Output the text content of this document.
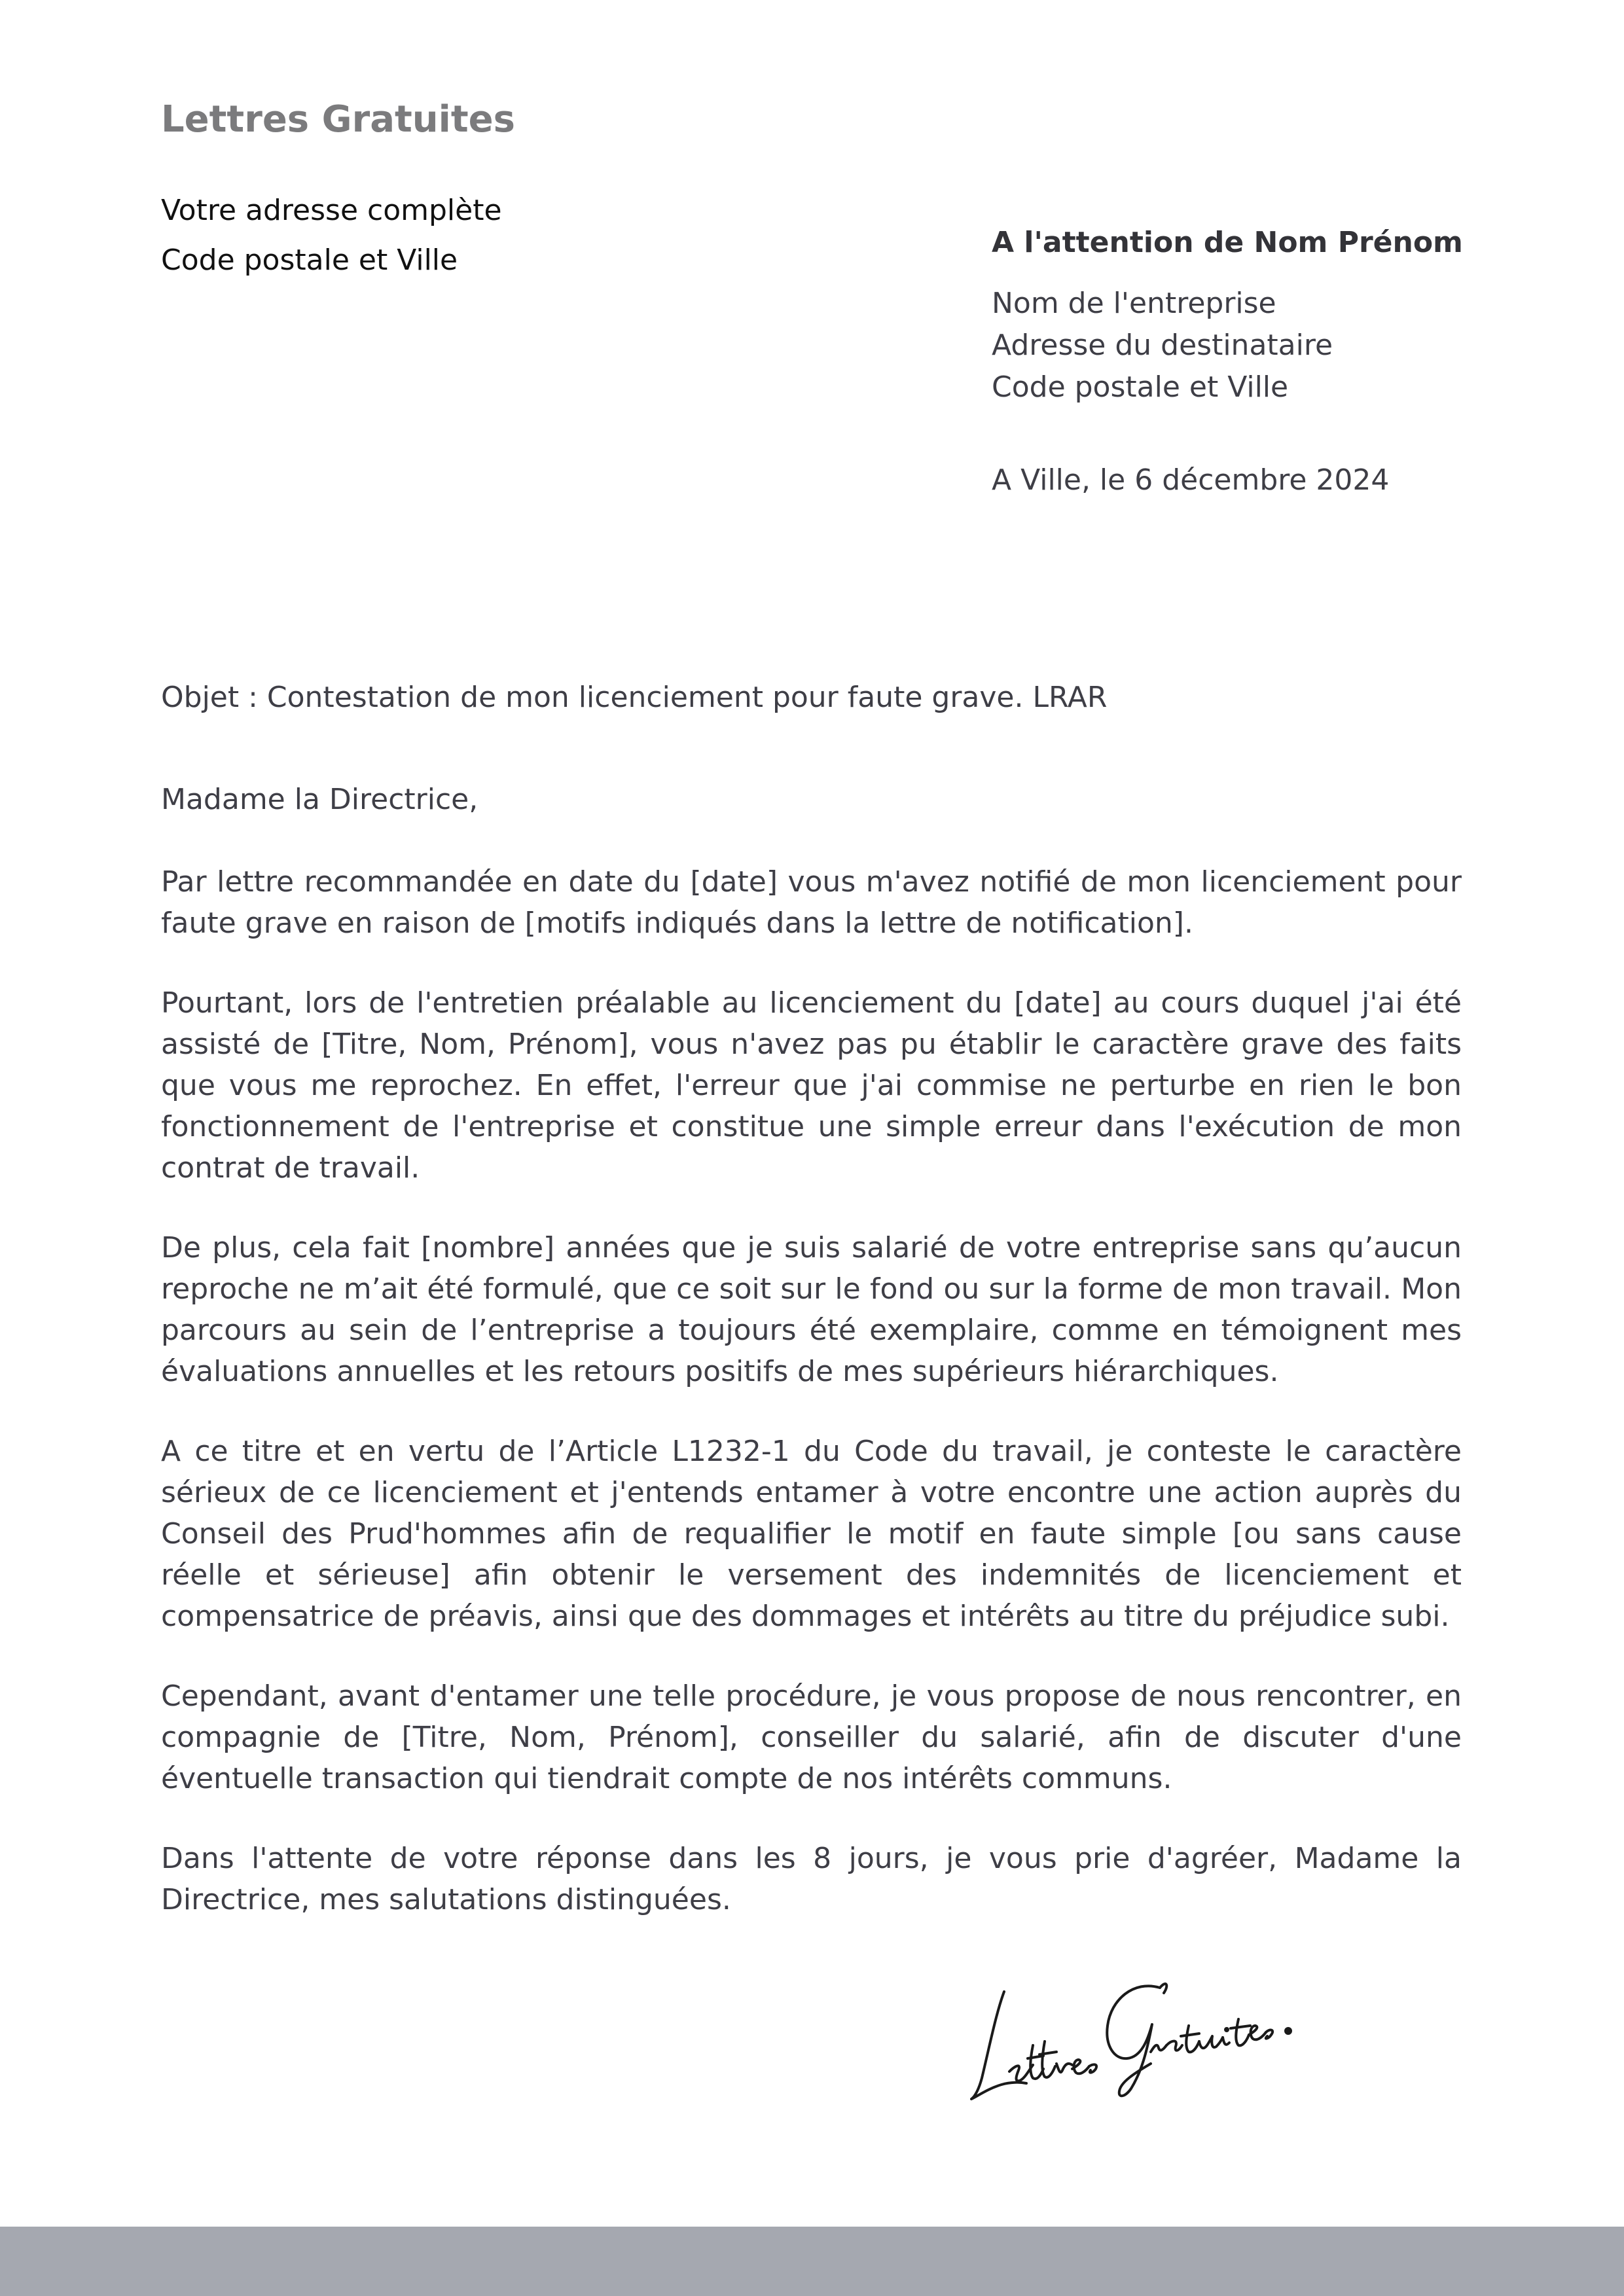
Lettres Gratuites
Votre adresse complète
Code postale et Ville
A l'attention de Nom Prénom
Nom de l'entreprise
Adresse du destinataire
Code postale et Ville
A Ville, le 6 décembre 2024
Objet : Contestation de mon licenciement pour faute grave. LRAR
Madame la Directrice,

Par lettre recommandée en date du [date] vous m'avez notifié de mon licenciement pour faute grave en raison de [motifs indiqués dans la lettre de notification].

Pourtant, lors de l'entretien préalable au licenciement du [date] au cours duquel j'ai été assisté de [Titre, Nom, Prénom], vous n'avez pas pu établir le caractère grave des faits que vous me reprochez. En effet, l'erreur que j'ai commise ne perturbe en rien le bon fonctionnement de l'entreprise et constitue une simple erreur dans l'exécution de mon contrat de travail.

De plus, cela fait [nombre] années que je suis salarié de votre entreprise sans qu’aucun reproche ne m’ait été formulé, que ce soit sur le fond ou sur la forme de mon travail. Mon parcours au sein de l’entreprise a toujours été exemplaire, comme en témoignent mes évaluations annuelles et les retours positifs de mes supérieurs hiérarchiques.

A ce titre et en vertu de l’Article L1232-1 du Code du travail, je conteste le caractère sérieux de ce licenciement et j'entends entamer à votre encontre une action auprès du Conseil des Prud'hommes afin de requalifier le motif en faute simple [ou sans cause réelle et sérieuse] afin obtenir le versement des indemnités de licenciement et compensatrice de préavis, ainsi que des dommages et intérêts au titre du préjudice subi.

Cependant, avant d'entamer une telle procédure, je vous propose de nous rencontrer, en compagnie de [Titre, Nom, Prénom], conseiller du salarié, afin de discuter d'une éventuelle transaction qui tiendrait compte de nos intérêts communs.

Dans l'attente de votre réponse dans les 8 jours, je vous prie d'agréer, Madame la Directrice, mes salutations distinguées.
